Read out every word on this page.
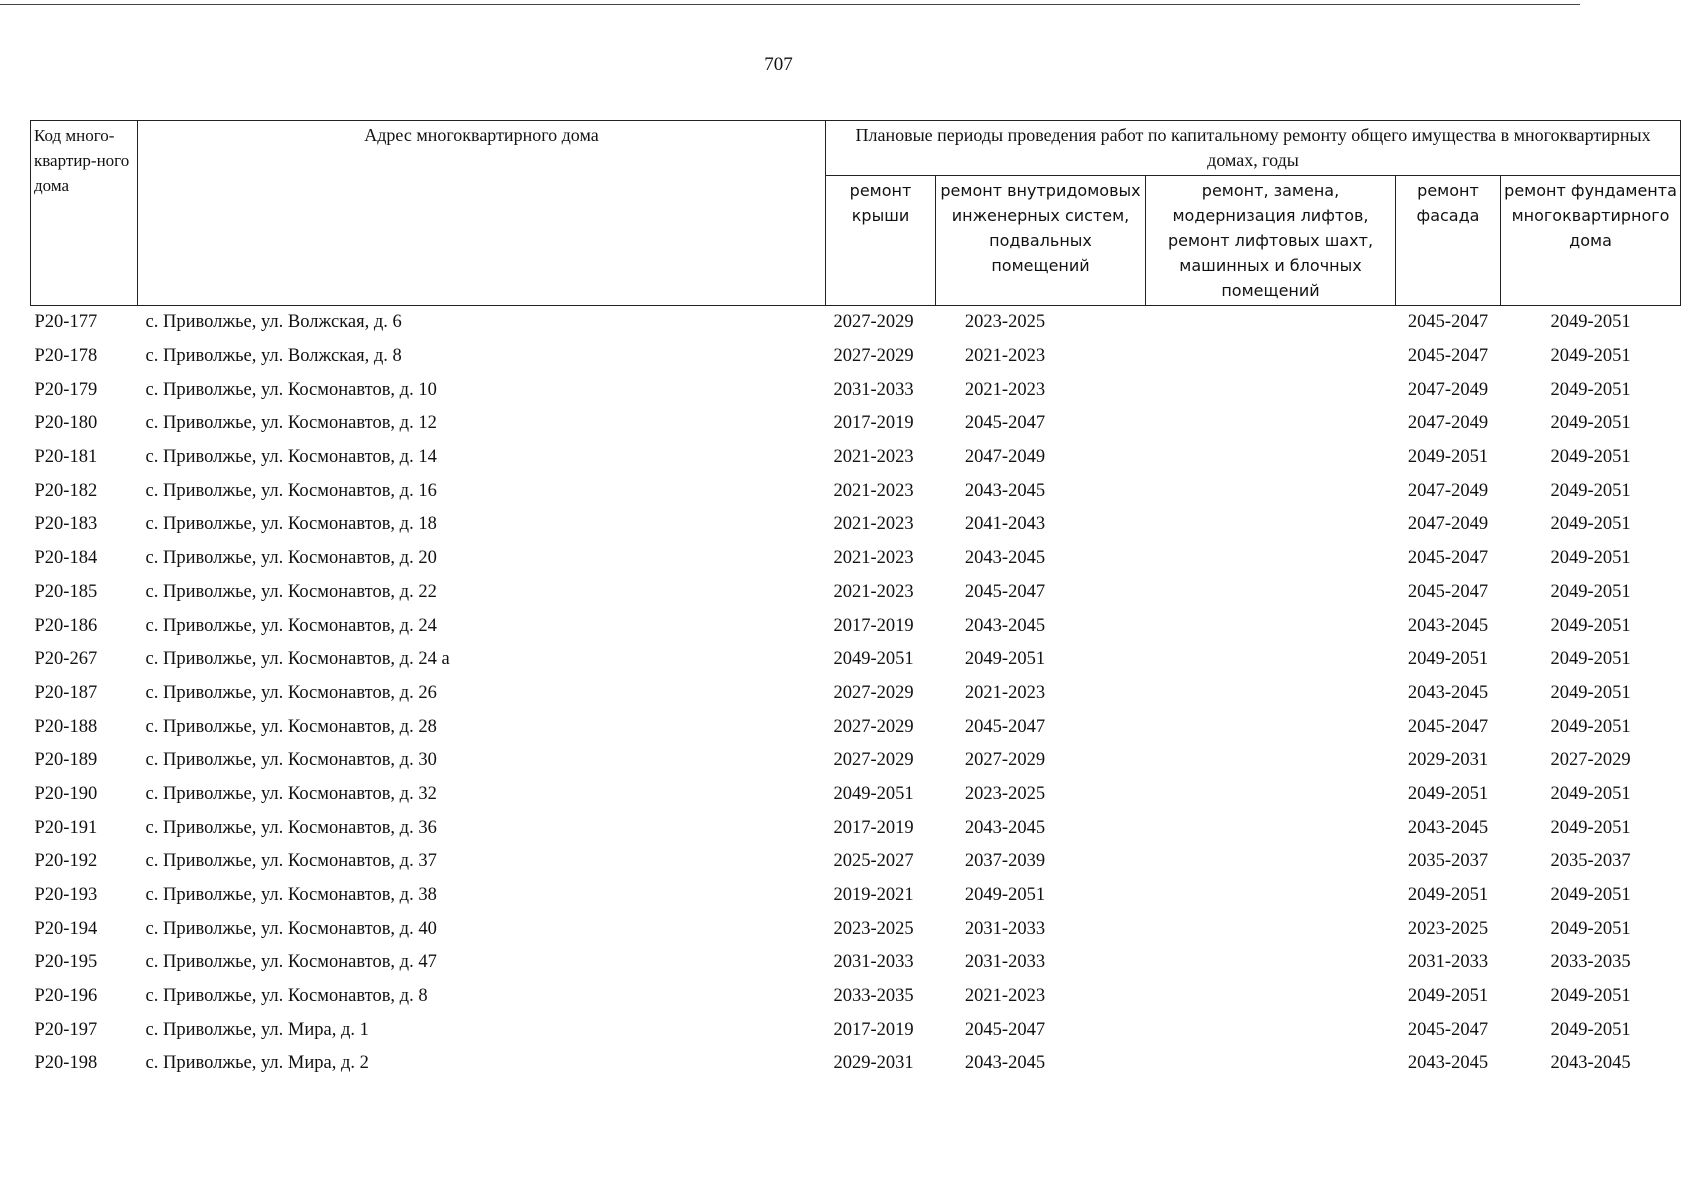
707
Код много-квартир-ного дома	Адрес многоквартирного дома	Плановые периоды проведения работ по капитальному ремонту общего имущества в многоквартирных домах, годы				
		ремонт крыши	ремонт внутридомовых инженерных систем, подвальных помещений	ремонт, замена, модернизация лифтов, ремонт лифтовых шахт, машинных и блочных помещений	ремонт фасада	ремонт фундамента многоквартирного дома
Р20-177	с. Приволжье, ул. Волжская, д. 6	2027-2029	2023-2025		2045-2047	2049-2051
Р20-178	с. Приволжье, ул. Волжская, д. 8	2027-2029	2021-2023		2045-2047	2049-2051
Р20-179	с. Приволжье, ул. Космонавтов, д. 10	2031-2033	2021-2023		2047-2049	2049-2051
Р20-180	с. Приволжье, ул. Космонавтов, д. 12	2017-2019	2045-2047		2047-2049	2049-2051
Р20-181	с. Приволжье, ул. Космонавтов, д. 14	2021-2023	2047-2049		2049-2051	2049-2051
Р20-182	с. Приволжье, ул. Космонавтов, д. 16	2021-2023	2043-2045		2047-2049	2049-2051
Р20-183	с. Приволжье, ул. Космонавтов, д. 18	2021-2023	2041-2043		2047-2049	2049-2051
Р20-184	с. Приволжье, ул. Космонавтов, д. 20	2021-2023	2043-2045		2045-2047	2049-2051
Р20-185	с. Приволжье, ул. Космонавтов, д. 22	2021-2023	2045-2047		2045-2047	2049-2051
Р20-186	с. Приволжье, ул. Космонавтов, д. 24	2017-2019	2043-2045		2043-2045	2049-2051
Р20-267	с. Приволжье, ул. Космонавтов, д. 24 а	2049-2051	2049-2051		2049-2051	2049-2051
Р20-187	с. Приволжье, ул. Космонавтов, д. 26	2027-2029	2021-2023		2043-2045	2049-2051
Р20-188	с. Приволжье, ул. Космонавтов, д. 28	2027-2029	2045-2047		2045-2047	2049-2051
Р20-189	с. Приволжье, ул. Космонавтов, д. 30	2027-2029	2027-2029		2029-2031	2027-2029
Р20-190	с. Приволжье, ул. Космонавтов, д. 32	2049-2051	2023-2025		2049-2051	2049-2051
Р20-191	с. Приволжье, ул. Космонавтов, д. 36	2017-2019	2043-2045		2043-2045	2049-2051
Р20-192	с. Приволжье, ул. Космонавтов, д. 37	2025-2027	2037-2039		2035-2037	2035-2037
Р20-193	с. Приволжье, ул. Космонавтов, д. 38	2019-2021	2049-2051		2049-2051	2049-2051
Р20-194	с. Приволжье, ул. Космонавтов, д. 40	2023-2025	2031-2033		2023-2025	2049-2051
Р20-195	с. Приволжье, ул. Космонавтов, д. 47	2031-2033	2031-2033		2031-2033	2033-2035
Р20-196	с. Приволжье, ул. Космонавтов, д. 8	2033-2035	2021-2023		2049-2051	2049-2051
Р20-197	с. Приволжье, ул. Мира, д. 1	2017-2019	2045-2047		2045-2047	2049-2051
Р20-198	с. Приволжье, ул. Мира, д. 2	2029-2031	2043-2045		2043-2045	2043-2045
